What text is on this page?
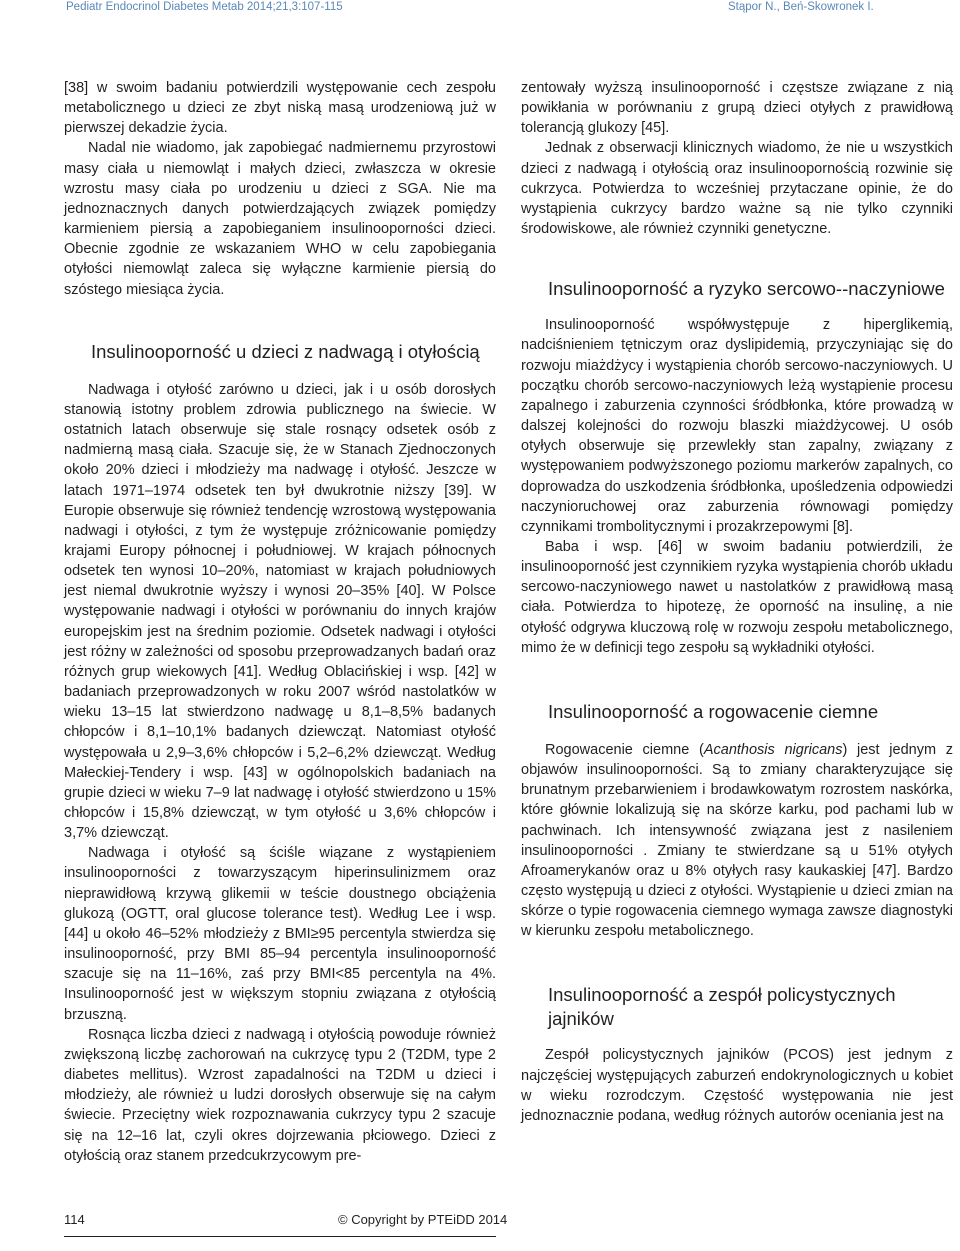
Pediatr Endocrinol Diabetes Metab 2014;21,3:107-115	Stąpor N., Beń-Skowronek I.

[38] w swoim badaniu potwierdzili występowanie cech zespołu metabolicznego u dzieci ze zbyt niską masą urodzeniową już w pierwszej dekadzie życia.

Nadal nie wiadomo, jak zapobiegać nadmiernemu przyrostowi masy ciała u niemowląt i małych dzieci, zwłaszcza w okresie wzrostu masy ciała po urodzeniu u dzieci z SGA. Nie ma jednoznacznych danych potwierdzających związek pomiędzy karmieniem piersią a zapobieganiem insulinooporności dzieci. Obecnie zgodnie ze wskazaniem WHO w celu zapobiegania otyłości niemowląt zaleca się wyłączne karmienie piersią do szóstego miesiąca życia.

Insulinooporność u dzieci z nadwagą i otyłością

Nadwaga i otyłość zarówno u dzieci, jak i u osób dorosłych stanowią istotny problem zdrowia publicznego na świecie. W ostatnich latach obserwuje się stale rosnący odsetek osób z nadmierną masą ciała. Szacuje się, że w Stanach Zjednoczonych około 20% dzieci i młodzieży ma nadwagę i otyłość. Jeszcze w latach 1971–1974 odsetek ten był dwukrotnie niższy [39]. W Europie obserwuje się również tendencję wzrostową występowania nadwagi i otyłości, z tym że występuje zróżnicowanie pomiędzy krajami Europy północnej i południowej. W krajach północnych odsetek ten wynosi 10–20%, natomiast w krajach południowych jest niemal dwukrotnie wyższy i wynosi 20–35% [40]. W Polsce występowanie nadwagi i otyłości w porównaniu do innych krajów europejskim jest na średnim poziomie. Odsetek nadwagi i otyłości jest różny w zależności od sposobu przeprowadzanych badań oraz różnych grup wiekowych [41]. Według Oblacińskiej i wsp. [42] w badaniach przeprowadzonych w roku 2007 wśród nastolatków w wieku 13–15 lat stwierdzono nadwagę u 8,1–8,5% badanych chłopców i 8,1–10,1% badanych dziewcząt. Natomiast otyłość występowała u 2,9–3,6% chłopców i 5,2–6,2% dziewcząt. Według Małeckiej-Tendery i wsp. [43] w ogólnopolskich badaniach na grupie dzieci w wieku 7–9 lat nadwagę i otyłość stwierdzono u 15% chłopców i 15,8% dziewcząt, w tym otyłość u 3,6% chłopców i 3,7% dziewcząt.

Nadwaga i otyłość są ściśle wiązane z wystąpieniem insulinooporności z towarzyszącym hiperinsulinizmem oraz nieprawidłową krzywą glikemii w teście doustnego obciążenia glukozą (OGTT, oral glucose tolerance test). Według Lee i wsp. [44] u około 46–52% młodzieży z BMI≥95 percentyla stwierdza się insulinooporność, przy BMI 85–94 percentyla insulinooporność szacuje się na 11–16%, zaś przy BMI<85 percentyla na 4%. Insulinooporność jest w większym stopniu związana z otyłością brzuszną.

Rosnąca liczba dzieci z nadwagą i otyłością powoduje również zwiększoną liczbę zachorowań na cukrzycę typu 2 (T2DM, type 2 diabetes mellitus). Wzrost zapadalności na T2DM u dzieci i młodzieży, ale również u ludzi dorosłych obserwuje się na całym świecie. Przeciętny wiek rozpoznawania cukrzycy typu 2 szacuje się na 12–16 lat, czyli okres dojrzewania płciowego. Dzieci z otyłością oraz stanem przedcukrzycowym pre-

zentowały wyższą insulinooporność i częstsze związane z nią powikłania w porównaniu z grupą dzieci otyłych z prawidłową tolerancją glukozy [45].

Jednak z obserwacji klinicznych wiadomo, że nie u wszystkich dzieci z nadwagą i otyłością oraz insulinoopornością rozwinie się cukrzyca. Potwierdza to wcześniej przytaczane opinie, że do wystąpienia cukrzycy bardzo ważne są nie tylko czynniki środowiskowe, ale również czynniki genetyczne.

Insulinooporność a ryzyko sercowo--naczyniowe

Insulinooporność współwystępuje z hiperglikemią, nadciśnieniem tętniczym oraz dyslipidemią, przyczyniając się do rozwoju miażdżycy i wystąpienia chorób sercowo-naczyniowych. U początku chorób sercowo-naczyniowych leżą wystąpienie procesu zapalnego i zaburzenia czynności śródbłonka, które prowadzą w dalszej kolejności do rozwoju blaszki miażdżycowej. U osób otyłych obserwuje się przewlekły stan zapalny, związany z występowaniem podwyższonego poziomu markerów zapalnych, co doprowadza do uszkodzenia śródbłonka, upośledzenia odpowiedzi naczynioruchowej oraz zaburzenia równowagi pomiędzy czynnikami trombolitycznymi i prozakrzepowymi [8].

Baba i wsp. [46] w swoim badaniu potwierdzili, że insulinooporność jest czynnikiem ryzyka wystąpienia chorób układu sercowo-naczyniowego nawet u nastolatków z prawidłową masą ciała. Potwierdza to hipotezę, że oporność na insulinę, a nie otyłość odgrywa kluczową rolę w rozwoju zespołu metabolicznego, mimo że w definicji tego zespołu są wykładniki otyłości.

Insulinooporność a rogowacenie ciemne

Rogowacenie ciemne (Acanthosis nigricans) jest jednym z objawów insulinooporności. Są to zmiany charakteryzujące się brunatnym przebarwieniem i brodawkowatym rozrostem naskórka, które głównie lokalizują się na skórze karku, pod pachami lub w pachwinach. Ich intensywność związana jest z nasileniem insulinooporności . Zmiany te stwierdzane są u 51% otyłych Afroamerykanów oraz u 8% otyłych rasy kaukaskiej [47]. Bardzo często występują u dzieci z otyłości. Wystąpienie u dzieci zmian na skórze o typie rogowacenia ciemnego wymaga zawsze diagnostyki w kierunku zespołu metabolicznego.

Insulinooporność a zespół policystycznych jajników

Zespół policystycznych jajników (PCOS) jest jednym z najczęściej występujących zaburzeń endokrynologicznych u kobiet w wieku rozrodczym. Częstość występowania nie jest jednoznacznie podana, według różnych autorów oceniania jest na

114	© Copyright by PTEiDD 2014
